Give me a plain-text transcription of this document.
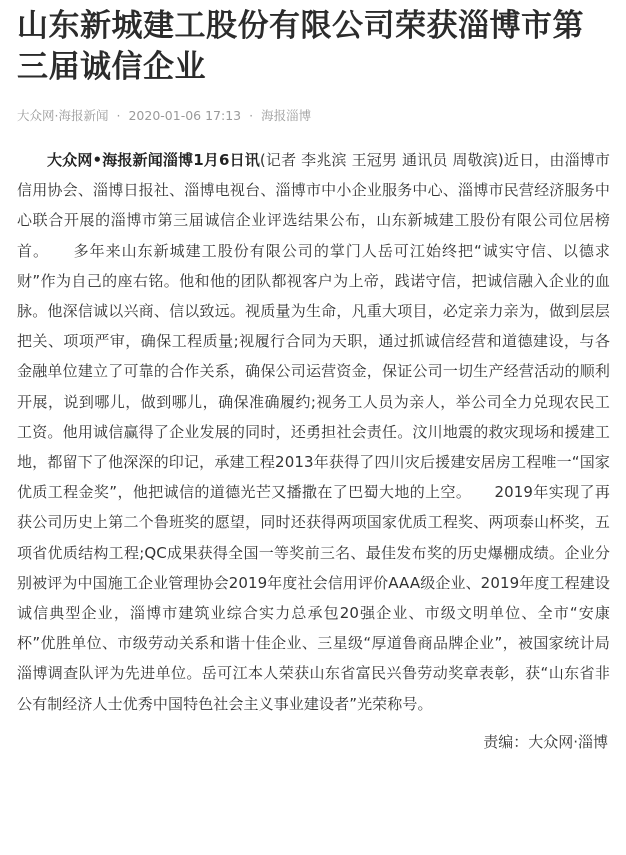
山东新城建工股份有限公司荣获淄博市第三届诚信企业
大众网·海报新闻 · 2020-01-06 17:13 · 海报淄博

大众网•海报新闻淄博1月6日讯(记者 李兆滨 王冠男 通讯员 周敬滨)近日，由淄博市信用协会、淄博日报社、淄博电视台、淄博市中小企业服务中心、淄博市民营经济服务中心联合开展的淄博市第三届诚信企业评选结果公布，山东新城建工股份有限公司位居榜首。　　多年来山东新城建工股份有限公司的掌门人岳可江始终把“诚实守信、以德求财”作为自己的座右铭。他和他的团队都视客户为上帝，践诺守信，把诚信融入企业的血脉。他深信诚以兴商、信以致远。视质量为生命，凡重大项目，必定亲力亲为，做到层层把关、项项严审，确保工程质量;视履行合同为天职，通过抓诚信经营和道德建设，与各金融单位建立了可靠的合作关系，确保公司运营资金，保证公司一切生产经营活动的顺利开展，说到哪儿，做到哪儿，确保准确履约;视务工人员为亲人，举公司全力兑现农民工工资。他用诚信赢得了企业发展的同时，还勇担社会责任。汶川地震的救灾现场和援建工地，都留下了他深深的印记，承建工程2013年获得了四川灾后援建安居房工程唯一“国家优质工程金奖”，他把诚信的道德光芒又播撒在了巴蜀大地的上空。　　2019年实现了再获公司历史上第二个鲁班奖的愿望，同时还获得两项国家优质工程奖、两项泰山杯奖，五项省优质结构工程;QC成果获得全国一等奖前三名、最佳发布奖的历史爆棚成绩。企业分别被评为中国施工企业管理协会2019年度社会信用评价AAA级企业、2019年度工程建设诚信典型企业，淄博市建筑业综合实力总承包20强企业、市级文明单位、全市“安康杯”优胜单位、市级劳动关系和谐十佳企业、三星级“厚道鲁商品牌企业”，被国家统计局淄博调查队评为先进单位。岳可江本人荣获山东省富民兴鲁劳动奖章表彰，获“山东省非公有制经济人士优秀中国特色社会主义事业建设者”光荣称号。

责编：大众网·淄博
